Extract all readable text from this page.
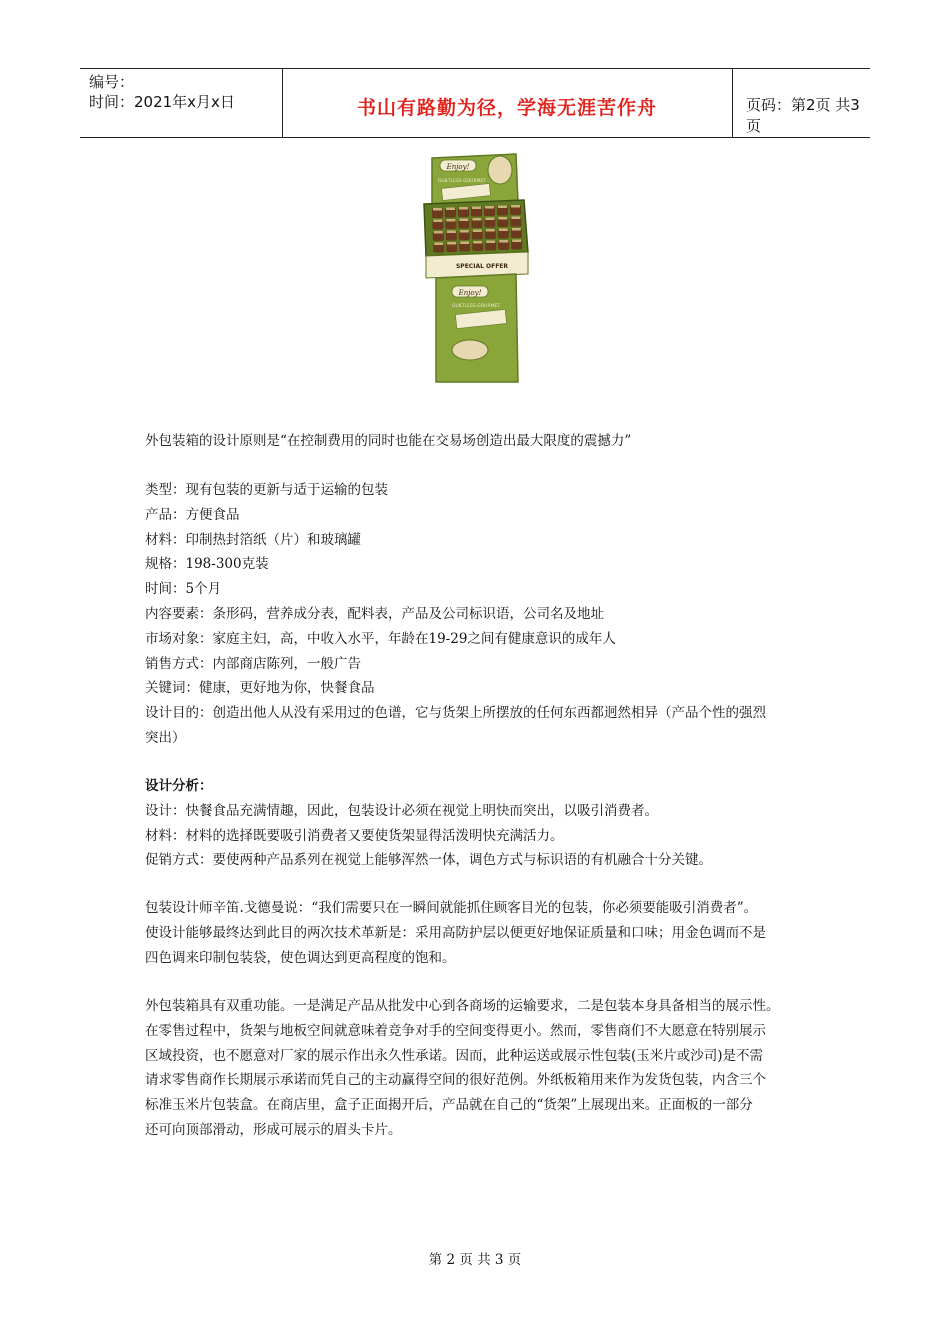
编号：
时间：2021年x月x日	书山有路勤为径，学海无涯苦作舟	页码：第2页 共3页
Enjoy!
GUILTLESS GOURMET
SPECIAL OFFER
Enjoy!
GUILTLESS GOURMET

外包装箱的设计原则是“在控制费用的同时也能在交易场创造出最大限度的震撼力”

类型：现有包装的更新与适于运输的包装
产品：方便食品
材料：印制热封箔纸（片）和玻璃罐
规格：198-300克装
时间：5个月
内容要素：条形码，营养成分表，配料表，产品及公司标识语，公司名及地址
市场对象：家庭主妇，高，中收入水平，年龄在19-29之间有健康意识的成年人
销售方式：内部商店陈列，一般广告
关键词：健康，更好地为你，快餐食品
设计目的：创造出他人从没有采用过的色谱，它与货架上所摆放的任何东西都迥然相异（产品个性的强烈
突出）
设计分析：
设计：快餐食品充满情趣，因此，包装设计必须在视觉上明快而突出，以吸引消费者。
材料：材料的选择既要吸引消费者又要使货架显得活泼明快充满活力。
促销方式：要使两种产品系列在视觉上能够浑然一体，调色方式与标识语的有机融合十分关键。
包装设计师辛笛.戈德曼说：“我们需要只在一瞬间就能抓住顾客目光的包装，你必须要能吸引消费者”。
使设计能够最终达到此目的两次技术革新是：采用高防护层以便更好地保证质量和口味；用金色调而不是
四色调来印制包装袋，使色调达到更高程度的饱和。
外包装箱具有双重功能。一是满足产品从批发中心到各商场的运输要求，二是包装本身具备相当的展示性。
在零售过程中，货架与地板空间就意味着竞争对手的空间变得更小。然而，零售商们不大愿意在特别展示
区域投资，也不愿意对厂家的展示作出永久性承诺。因而，此种运送或展示性包装(玉米片或沙司)是不需
请求零售商作长期展示承诺而凭自己的主动赢得空间的很好范例。外纸板箱用来作为发货包装，内含三个
标准玉米片包装盒。在商店里，盒子正面揭开后，产品就在自己的“货架”上展现出来。正面板的一部分
还可向顶部滑动，形成可展示的眉头卡片。
第 2 页 共 3 页
